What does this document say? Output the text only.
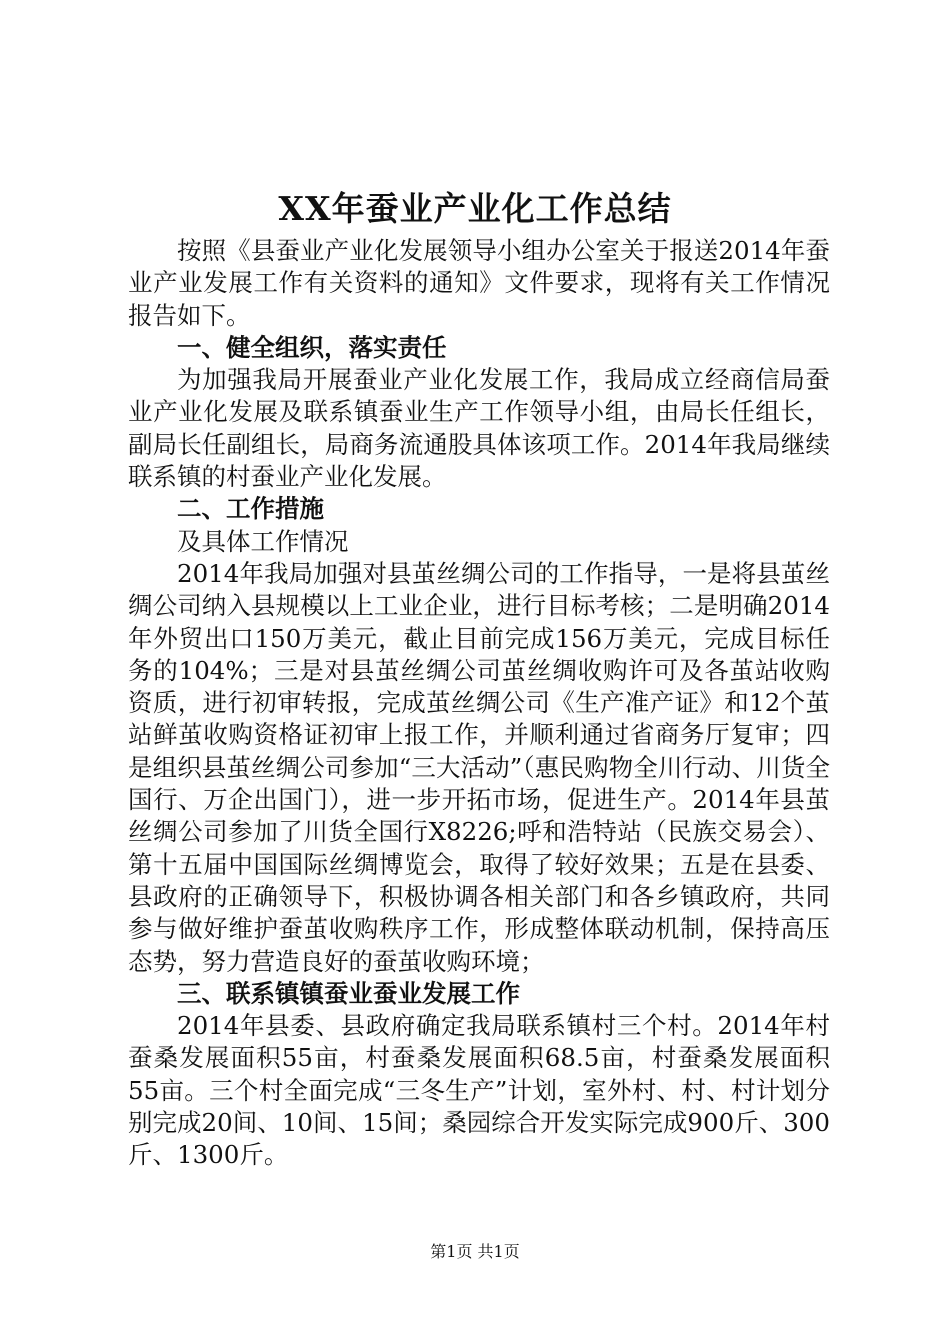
XX年蚕业产业化工作总结

按照《县蚕业产业化发展领导小组办公室关于报送2014年蚕业产业发展工作有关资料的通知》文件要求，现将有关工作情况报告如下。

一、健全组织，落实责任

为加强我局开展蚕业产业化发展工作，我局成立经商信局蚕业产业化发展及联系镇蚕业生产工作领导小组，由局长任组长，副局长任副组长，局商务流通股具体该项工作。2014年我局继续联系镇的村蚕业产业化发展。

二、工作措施

及具体工作情况

2014年我局加强对县茧丝绸公司的工作指导，一是将县茧丝绸公司纳入县规模以上工业企业，进行目标考核；二是明确2014年外贸出口150万美元，截止目前完成156万美元，完成目标任务的104%；三是对县茧丝绸公司茧丝绸收购许可及各茧站收购资质，进行初审转报，完成茧丝绸公司《生产准产证》和12个茧站鲜茧收购资格证初审上报工作，并顺利通过省商务厅复审；四是组织县茧丝绸公司参加“三大活动”（惠民购物全川行动、川货全国行、万企出国门），进一步开拓市场，促进生产。2014年县茧丝绸公司参加了川货全国行X8226;呼和浩特站（民族交易会）、第十五届中国国际丝绸博览会，取得了较好效果；五是在县委、县政府的正确领导下，积极协调各相关部门和各乡镇政府，共同参与做好维护蚕茧收购秩序工作，形成整体联动机制，保持高压态势，努力营造良好的蚕茧收购环境；

三、联系镇镇蚕业蚕业发展工作

2014年县委、县政府确定我局联系镇村三个村。2014年村蚕桑发展面积55亩，村蚕桑发展面积68.5亩，村蚕桑发展面积55亩。三个村全面完成“三冬生产”计划，室外村、村、村计划分别完成20间、10间、15间；桑园综合开发实际完成900斤、300斤、1300斤。

第1页 共1页
